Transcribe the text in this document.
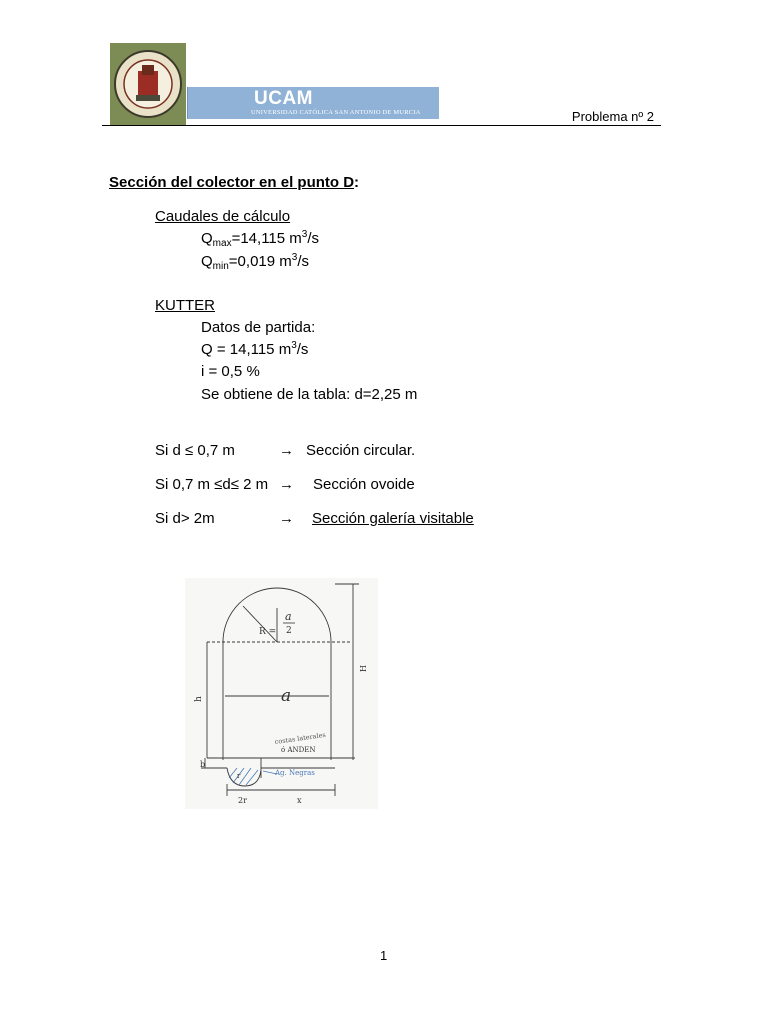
UCAM
UNIVERSIDAD CATÓLICA SAN ANTONIO DE MURCIA	Problema nº 2
Sección del colector en el punto D:
Caudales de cálculo
$Q_{max}=14,115$ $m^3/s$
$Q_{min}=0,019$ $m^3/s$
KUTTER
Datos de partida:
Q = 14,115 $m^3/s$
i = 0,5 %
Se obtiene de la tabla: d=2,25 m
Si d ≤ 0,7 m	→ Sección circular.
Si 0,7 m ≤d≤ 2 m → Sección ovoide
Si d> 2m	→ Sección galería visitable
R =
a
2
a
h
H
b
r
2r	x
costas laterales
ó ANDEN
Ag. Negras
1
